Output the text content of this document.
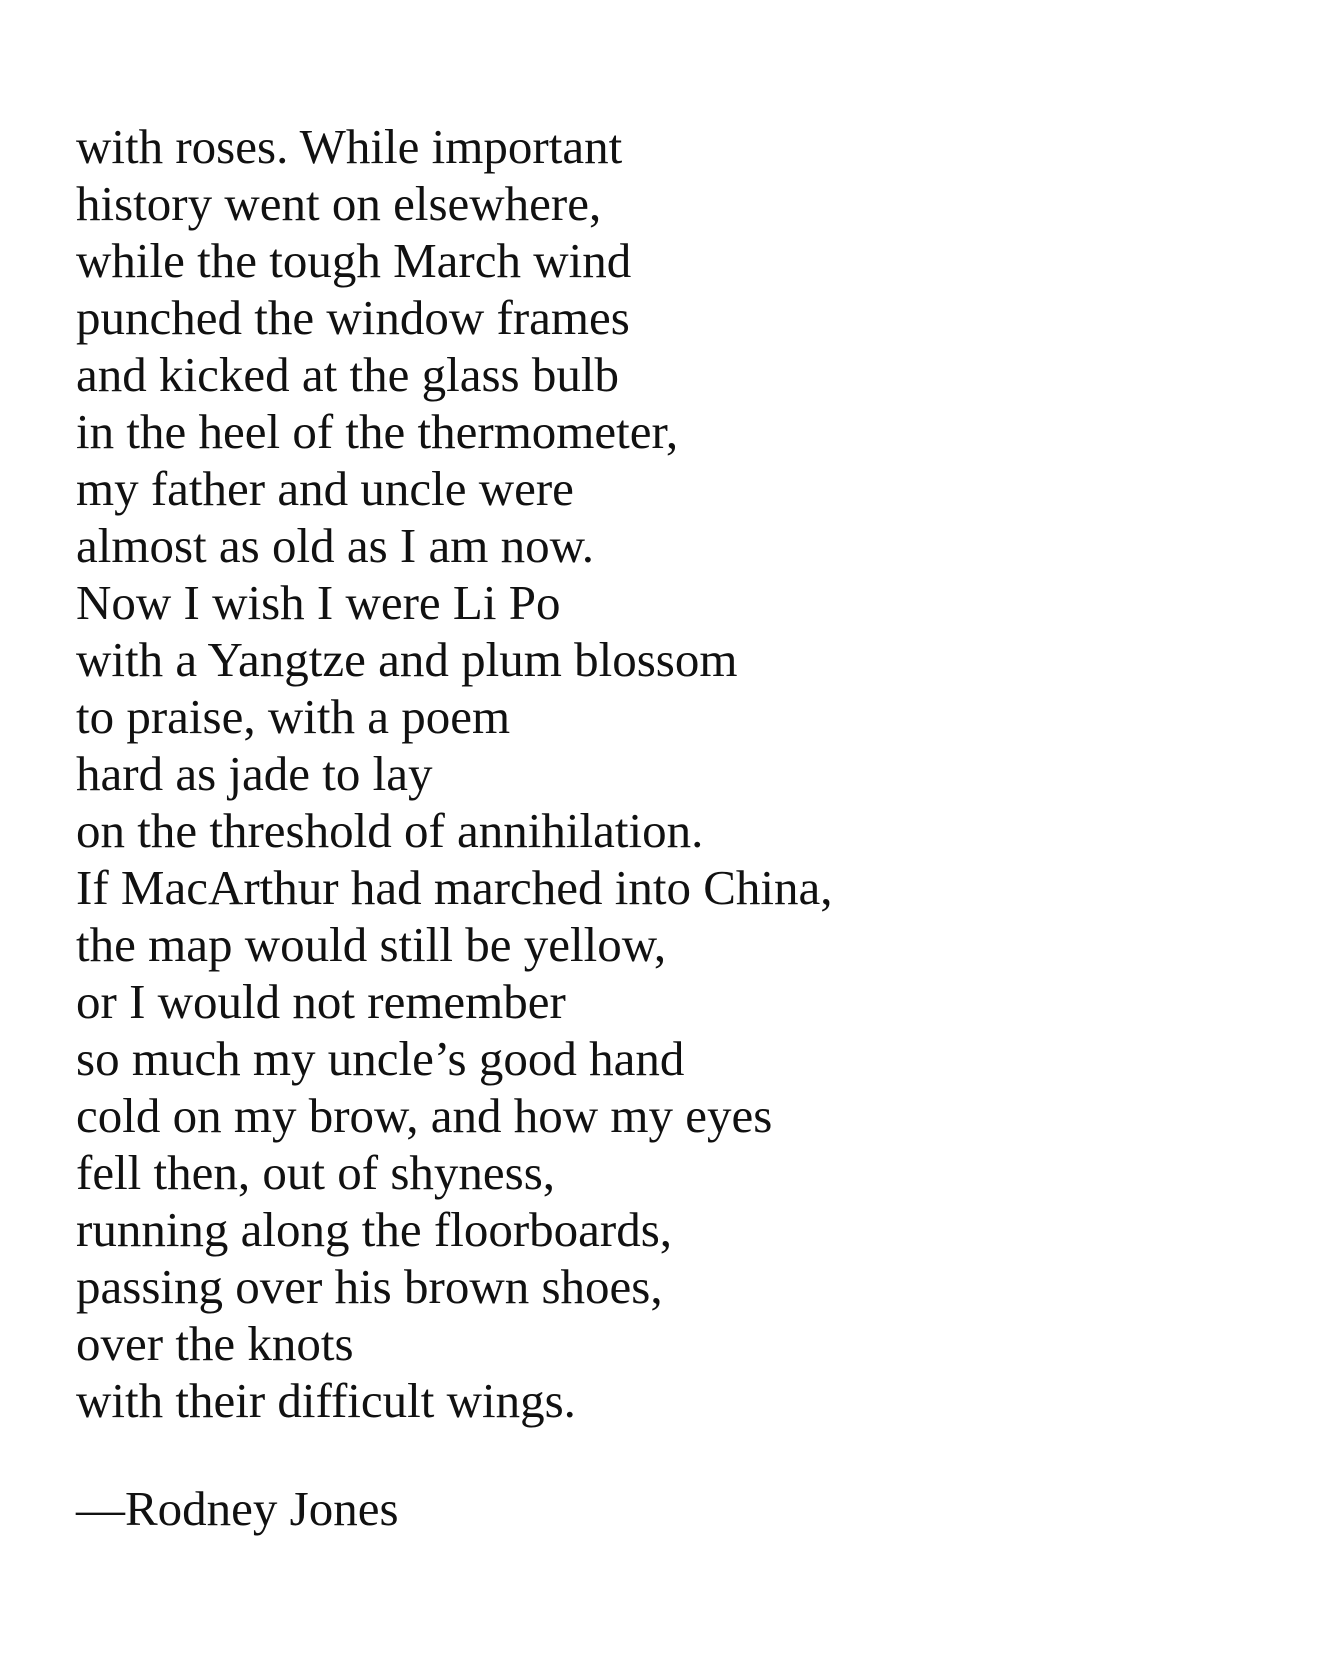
with roses. While important
history went on elsewhere,
while the tough March wind
punched the window frames
and kicked at the glass bulb
in the heel of the thermometer,
my father and uncle were
almost as old as I am now.
Now I wish I were Li Po
with a Yangtze and plum blossom
to praise, with a poem
hard as jade to lay
on the threshold of annihilation.
If MacArthur had marched into China,
the map would still be yellow,
or I would not remember
so much my uncle’s good hand
cold on my brow, and how my eyes
fell then, out of shyness,
running along the floorboards,
passing over his brown shoes,
over the knots
with their difficult wings.

—Rodney Jones
